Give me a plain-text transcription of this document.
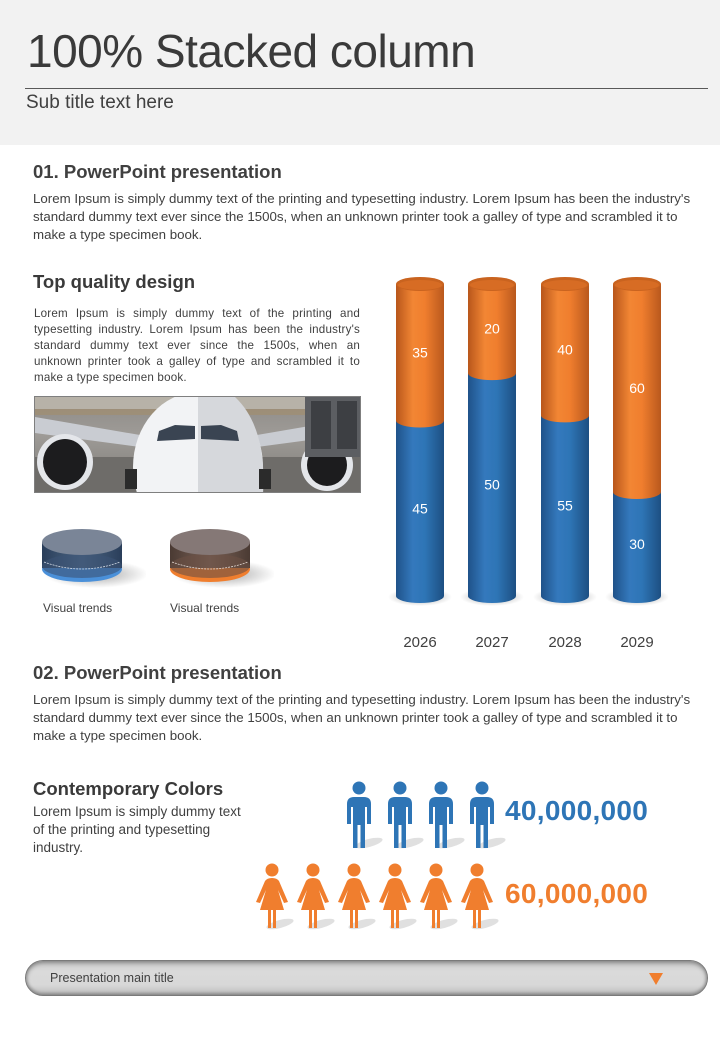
100% Stacked column
Sub title text here
01. PowerPoint presentation
Lorem Ipsum is simply dummy text of the printing and typesetting industry. Lorem Ipsum has been the industry's standard dummy text ever since the 1500s, when an unknown printer took a galley of type and scrambled it to make a type specimen book.
Top quality design
Lorem Ipsum is simply dummy text of the printing and typesetting industry. Lorem Ipsum has been the industry's standard dummy text ever since the 1500s, when an unknown printer took a galley of type and scrambled it to make a type specimen book.
Visual trends	Visual trends
45
35
2026
50
20
2027
55
40
2028
30
60
2029
02. PowerPoint presentation
Lorem Ipsum is simply dummy text of the printing and typesetting industry. Lorem Ipsum has been the industry's standard dummy text ever since the 1500s, when an unknown printer took a galley of type and scrambled it to make a type specimen book.
Contemporary Colors
Lorem Ipsum is simply dummy text of the printing and typesetting industry.
40,000,000
60,000,000
Presentation main title
